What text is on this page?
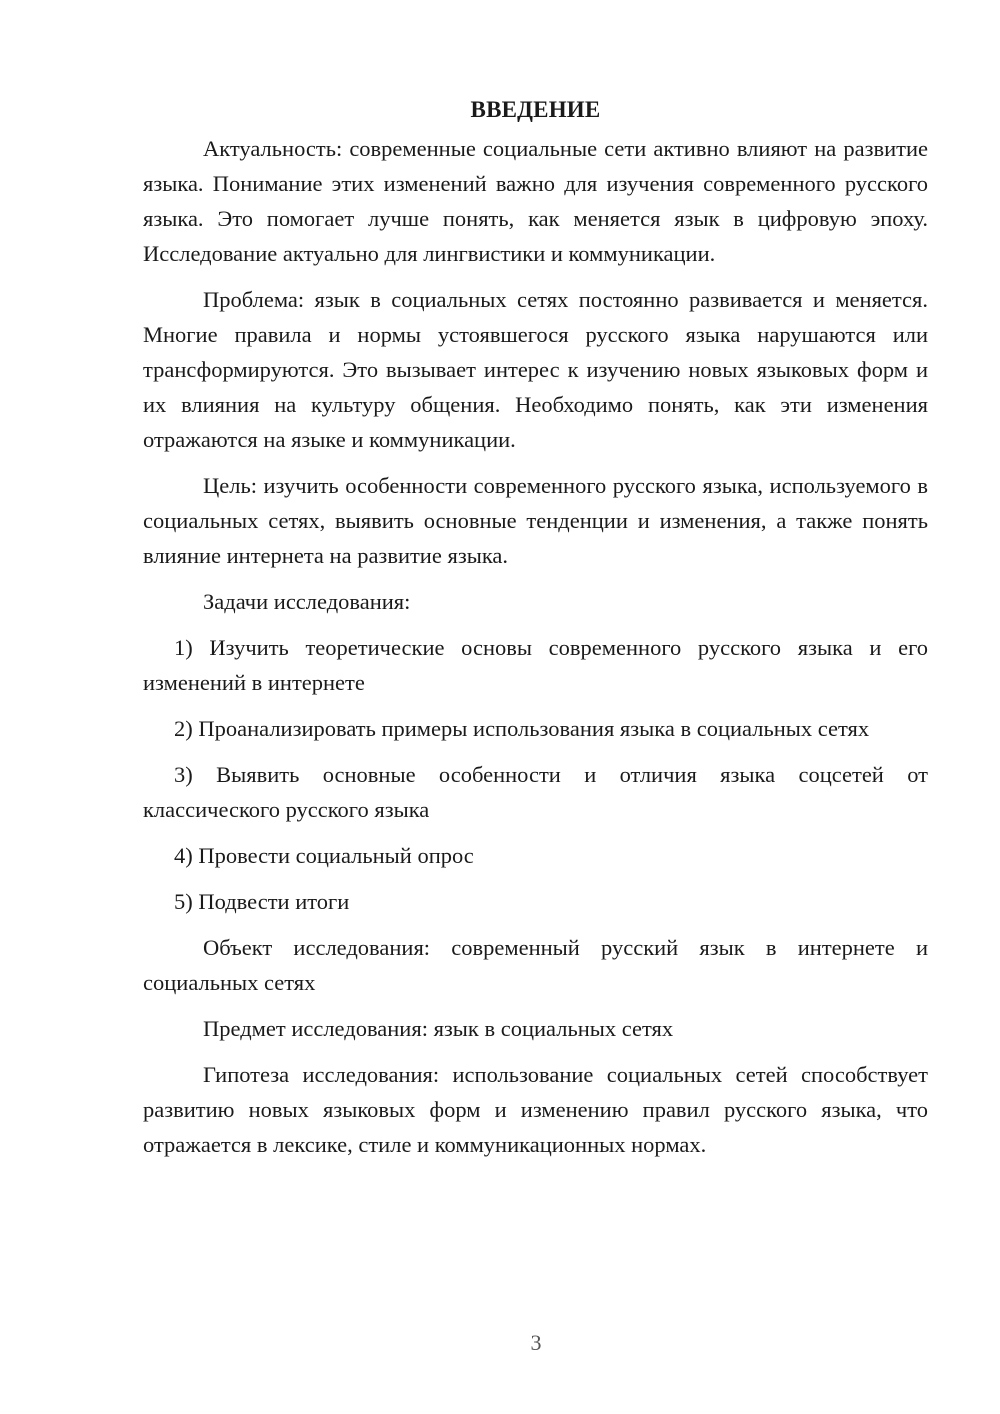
ВВЕДЕНИЕ

Актуальность: современные социальные сети активно влияют на развитие языка. Понимание этих изменений важно для изучения современного русского языка. Это помогает лучше понять, как меняется язык в цифровую эпоху. Исследование актуально для лингвистики и коммуникации.

Проблема: язык в социальных сетях постоянно развивается и меняется. Многие правила и нормы устоявшегося русского языка нарушаются или трансформируются. Это вызывает интерес к изучению новых языковых форм и их влияния на культуру общения. Необходимо понять, как эти изменения отражаются на языке и коммуникации.

Цель: изучить особенности современного русского языка, используемого в социальных сетях, выявить основные тенденции и изменения, а также понять влияние интернета на развитие языка.

Задачи исследования:

1) Изучить теоретические основы современного русского языка и его изменений в интернете

2) Проанализировать примеры использования языка в социальных сетях

3) Выявить основные особенности и отличия языка соцсетей от классического русского языка

4) Провести социальный опрос

5) Подвести итоги

Объект исследования: современный русский язык в интернете и социальных сетях

Предмет исследования: язык в социальных сетях

Гипотеза исследования: использование социальных сетей способствует развитию новых языковых форм и изменению правил русского языка, что отражается в лексике, стиле и коммуникационных нормах.

3
